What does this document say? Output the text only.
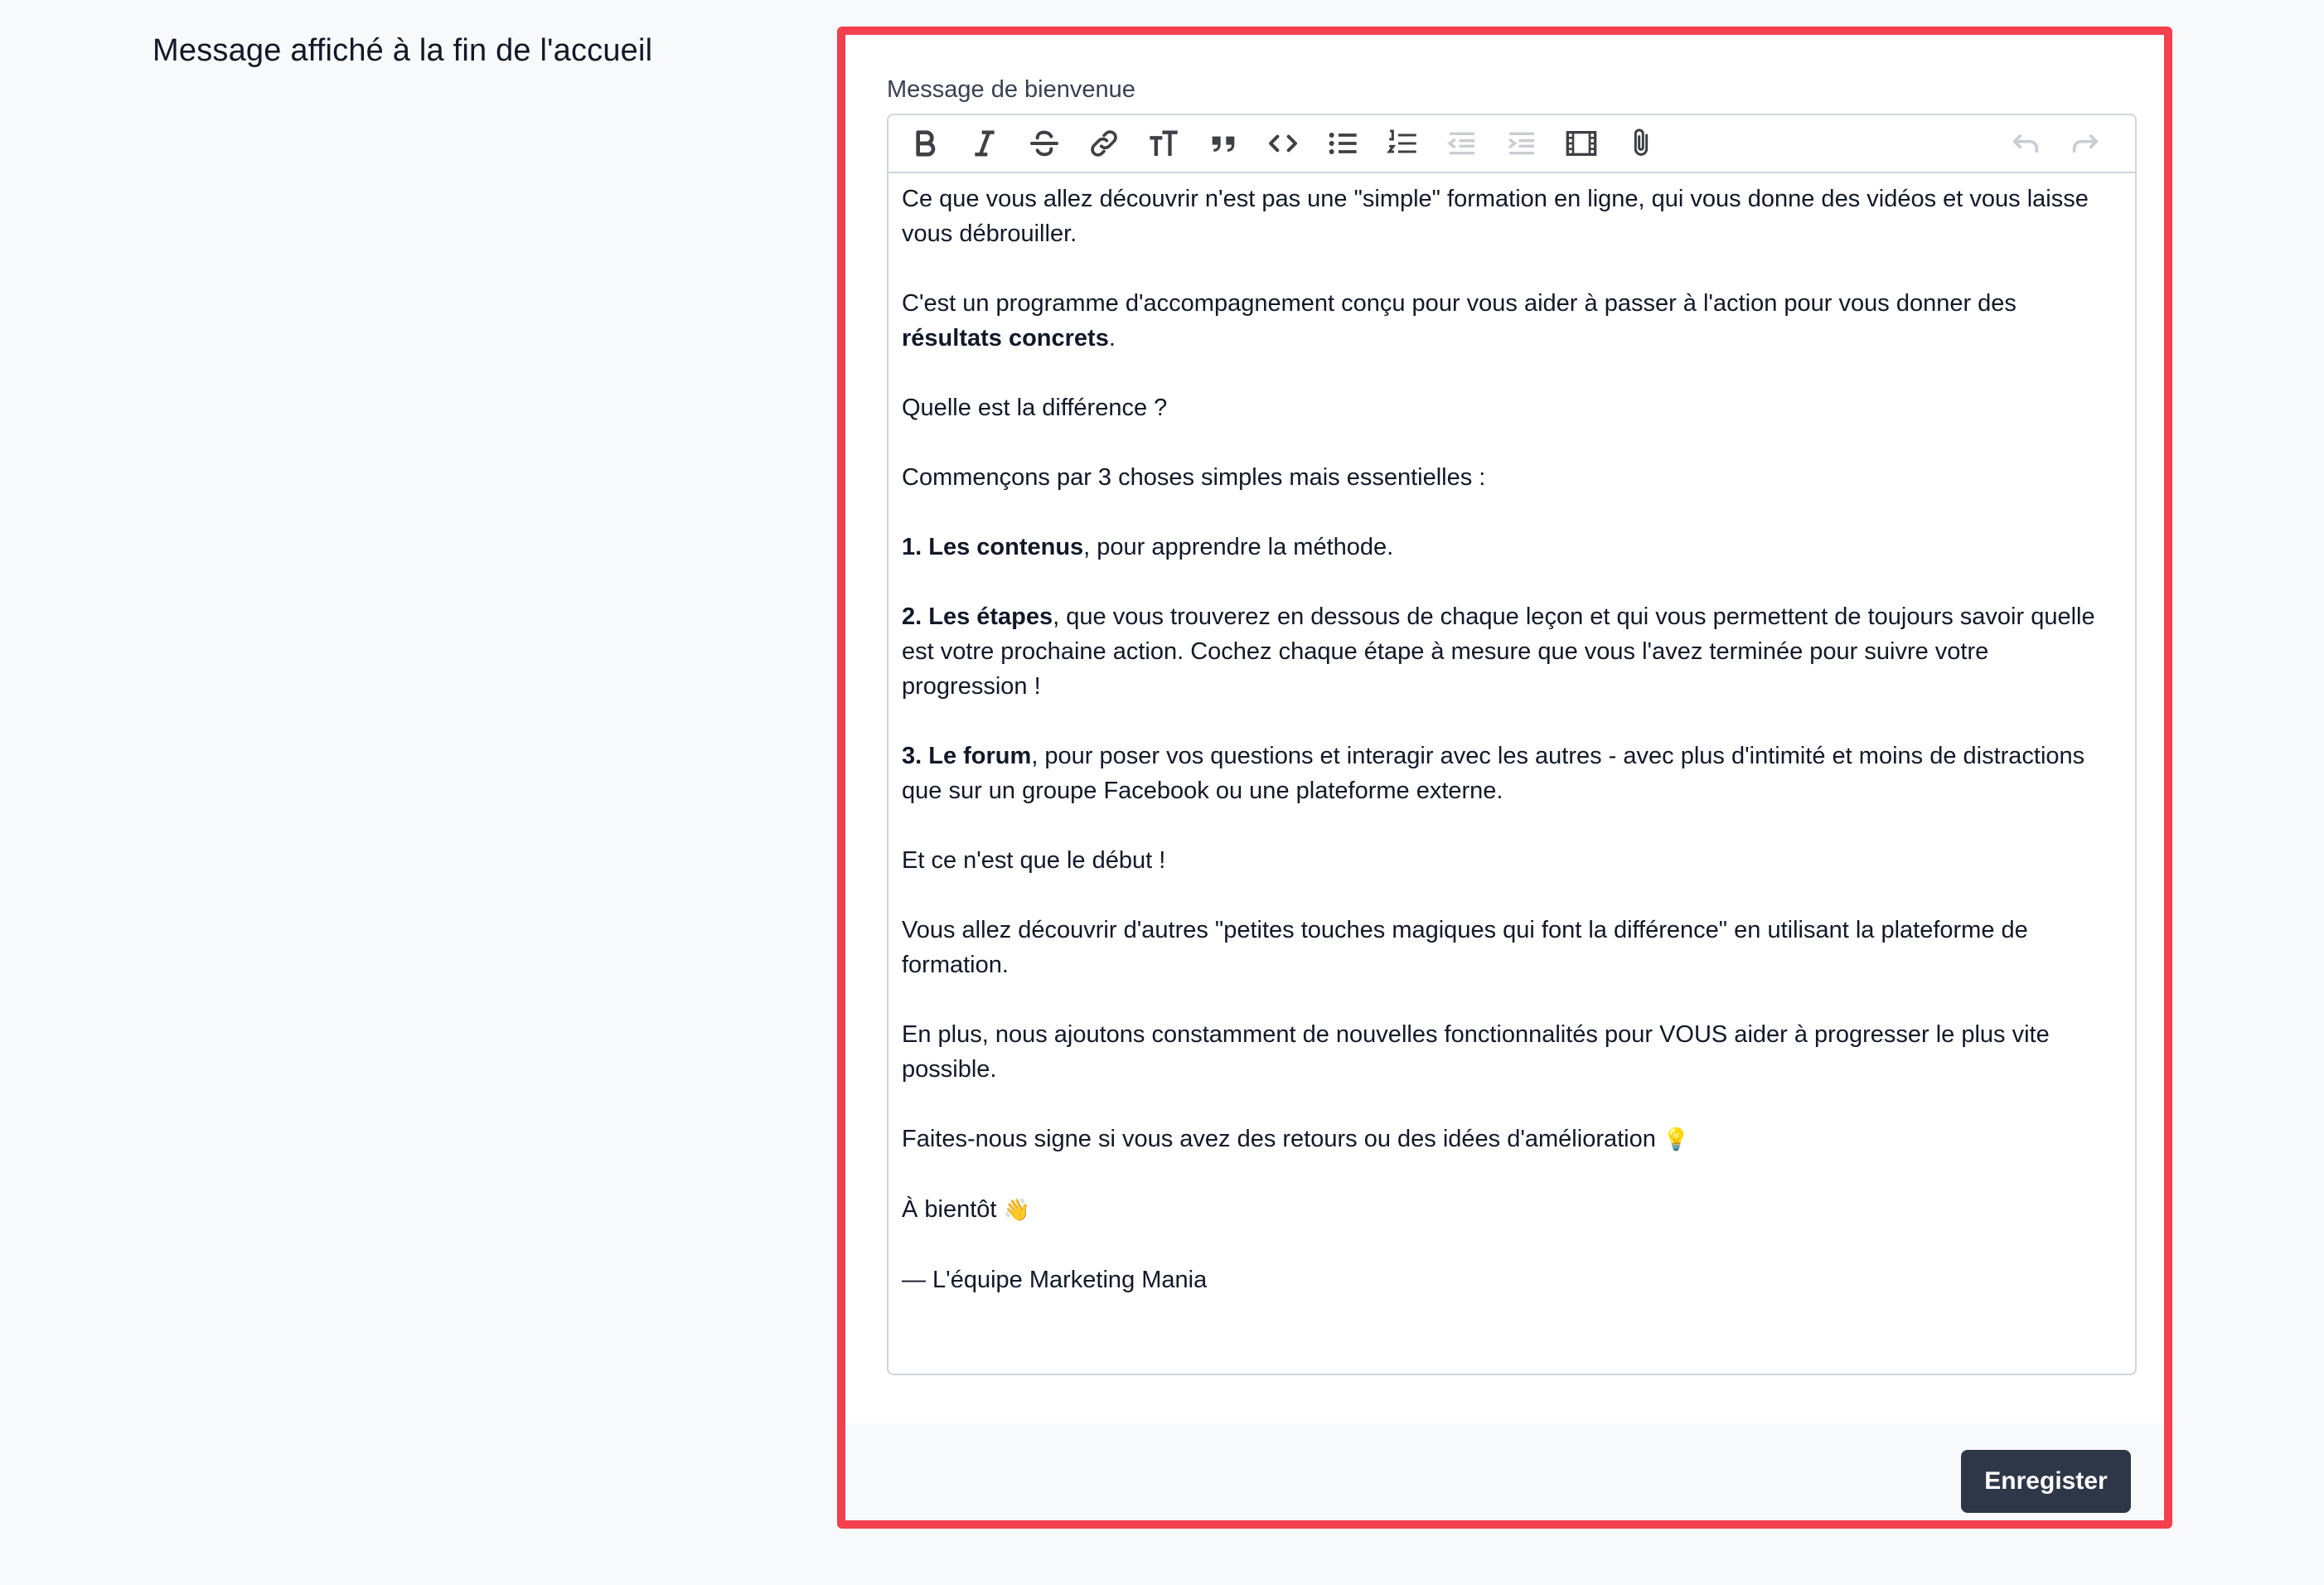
Message affiché à la fin de l'accueil
Message de bienvenue

Ce que vous allez découvrir n'est pas une "simple" formation en ligne, qui vous donne des vidéos et vous laisse vous débrouiller.

C'est un programme d'accompagnement conçu pour vous aider à passer à l'action pour vous donner des résultats concrets.

Quelle est la différence ?

Commençons par 3 choses simples mais essentielles :

1. Les contenus, pour apprendre la méthode.

2. Les étapes, que vous trouverez en dessous de chaque leçon et qui vous permettent de toujours savoir quelle est votre prochaine action. Cochez chaque étape à mesure que vous l'avez terminée pour suivre votre progression !

3. Le forum, pour poser vos questions et interagir avec les autres - avec plus d'intimité et moins de distractions que sur un groupe Facebook ou une plateforme externe.

Et ce n'est que le début !

Vous allez découvrir d'autres "petites touches magiques qui font la différence" en utilisant la plateforme de formation.

En plus, nous ajoutons constamment de nouvelles fonctionnalités pour VOUS aider à progresser le plus vite possible.

Faites-nous signe si vous avez des retours ou des idées d'amélioration 💡

À bientôt 👋

— L'équipe Marketing Mania

Enregister
